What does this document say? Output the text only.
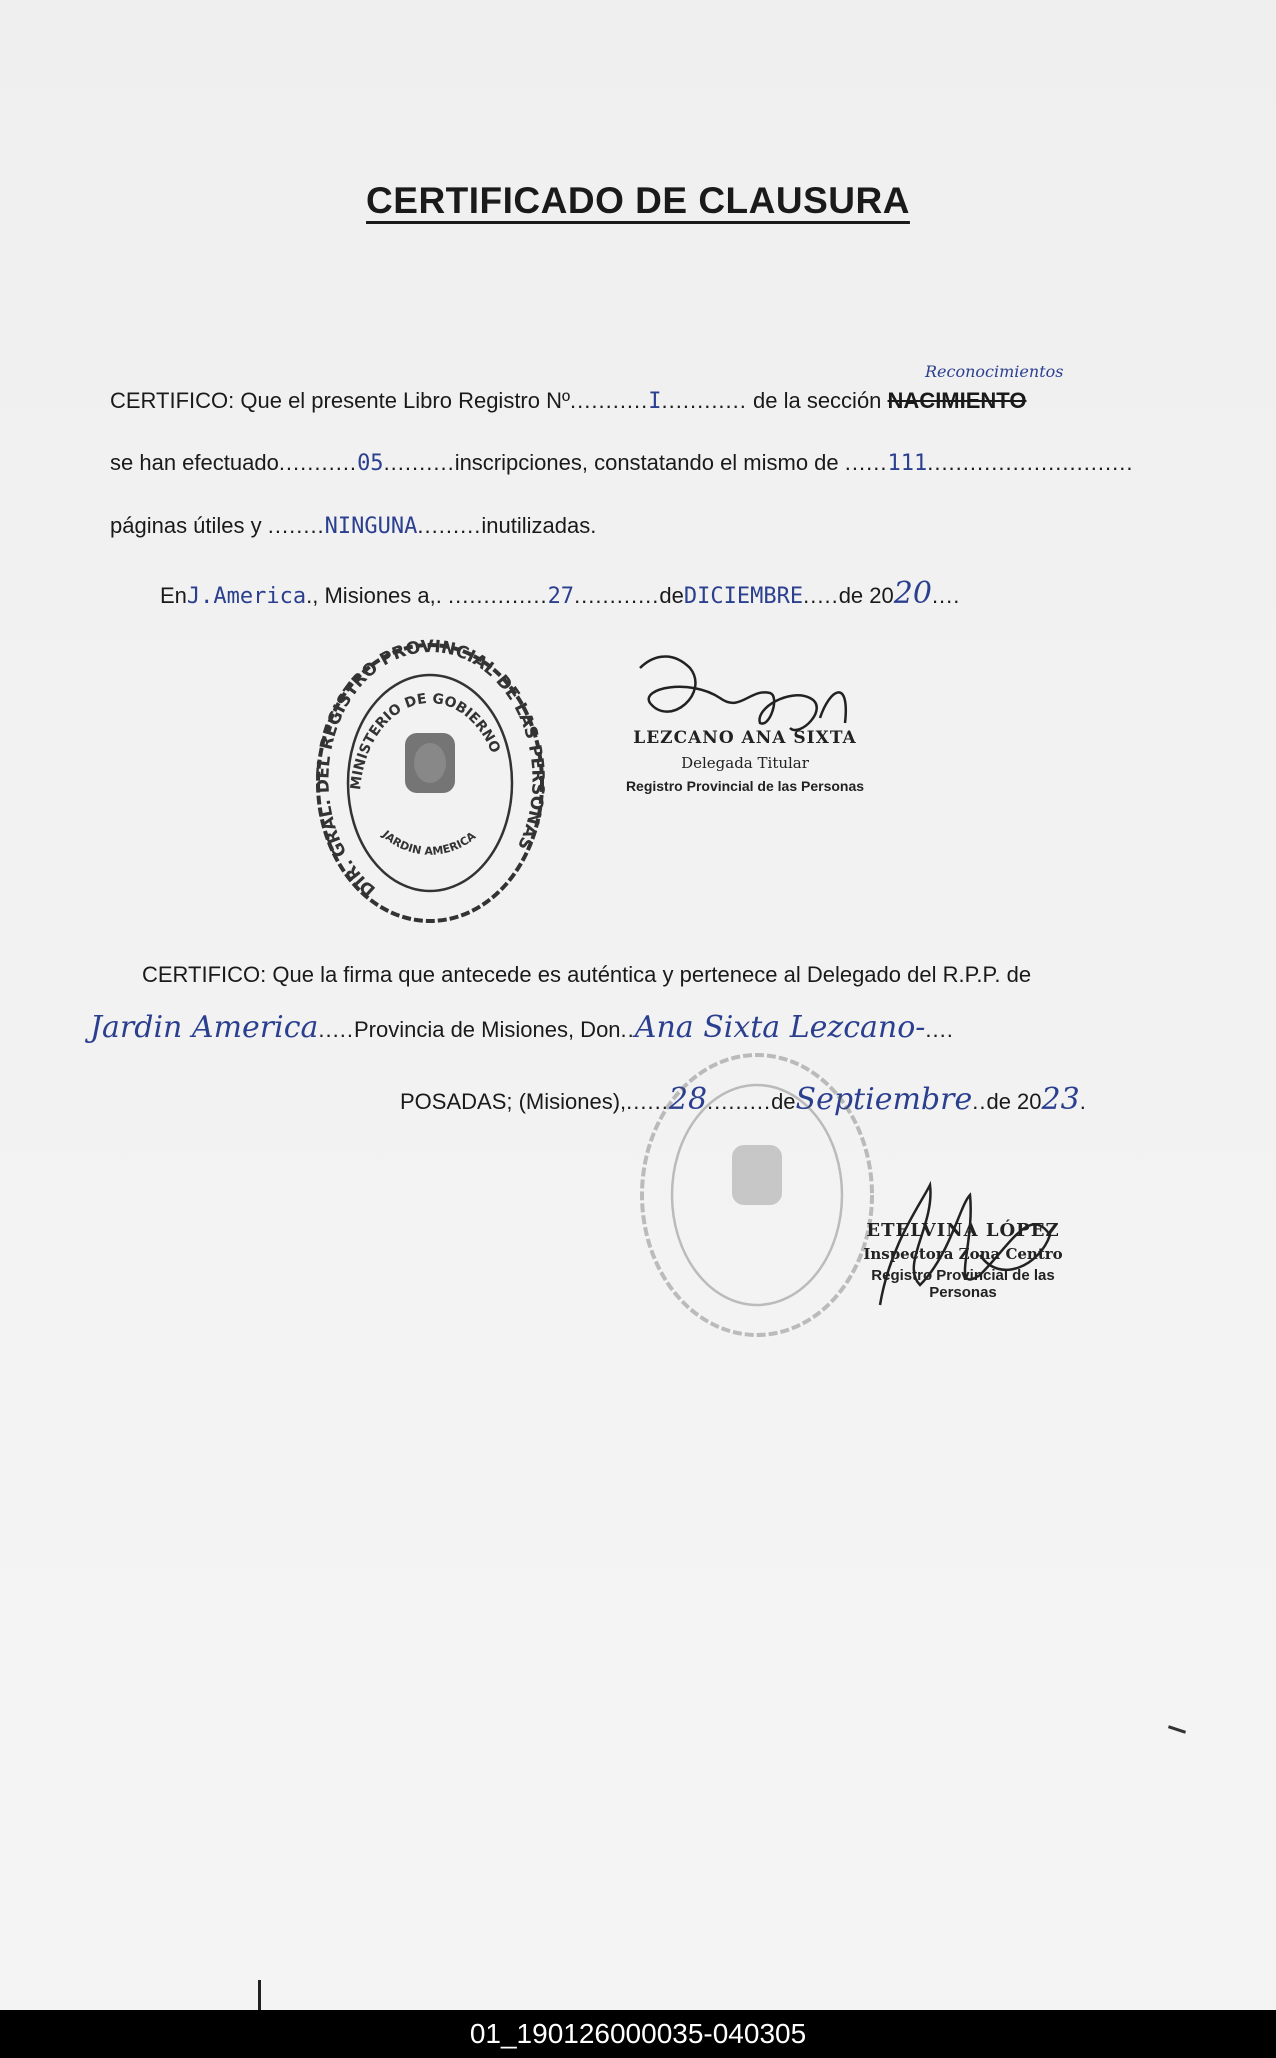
CERTIFICADO DE CLAUSURA
Reconocimientos
CERTIFICO: Que el presente Libro Registro Nº...........I............ de la sección NACIMIENTO
se han efectuado...........05..........inscripciones, constatando el mismo de ......111.............................
páginas útiles y ........NINGUNA.........inutilizadas.
EnJ.America., Misiones a,. ..............27............deDICIEMBRE.....de 2020....
DIR. GRAL. DEL REGISTRO PROVINCIAL DE LAS PERSONAS
MINISTERIO DE GOBIERNO
JARDIN AMERICA
LEZCANO ANA SIXTA
Delegada Titular
Registro Provincial de las Personas
CERTIFICO: Que la firma que antecede es auténtica y pertenece al Delegado del R.P.P. de
Jardin America.....Provincia de Misiones, Don..Ana Sixta Lezcano-....
POSADAS; (Misiones),......28.........deSeptiembre..de 2023.
ETELVINA LÓPEZ
Inspectora Zona Centro
Registro Provincial de las Personas
01_190126000035-040305
